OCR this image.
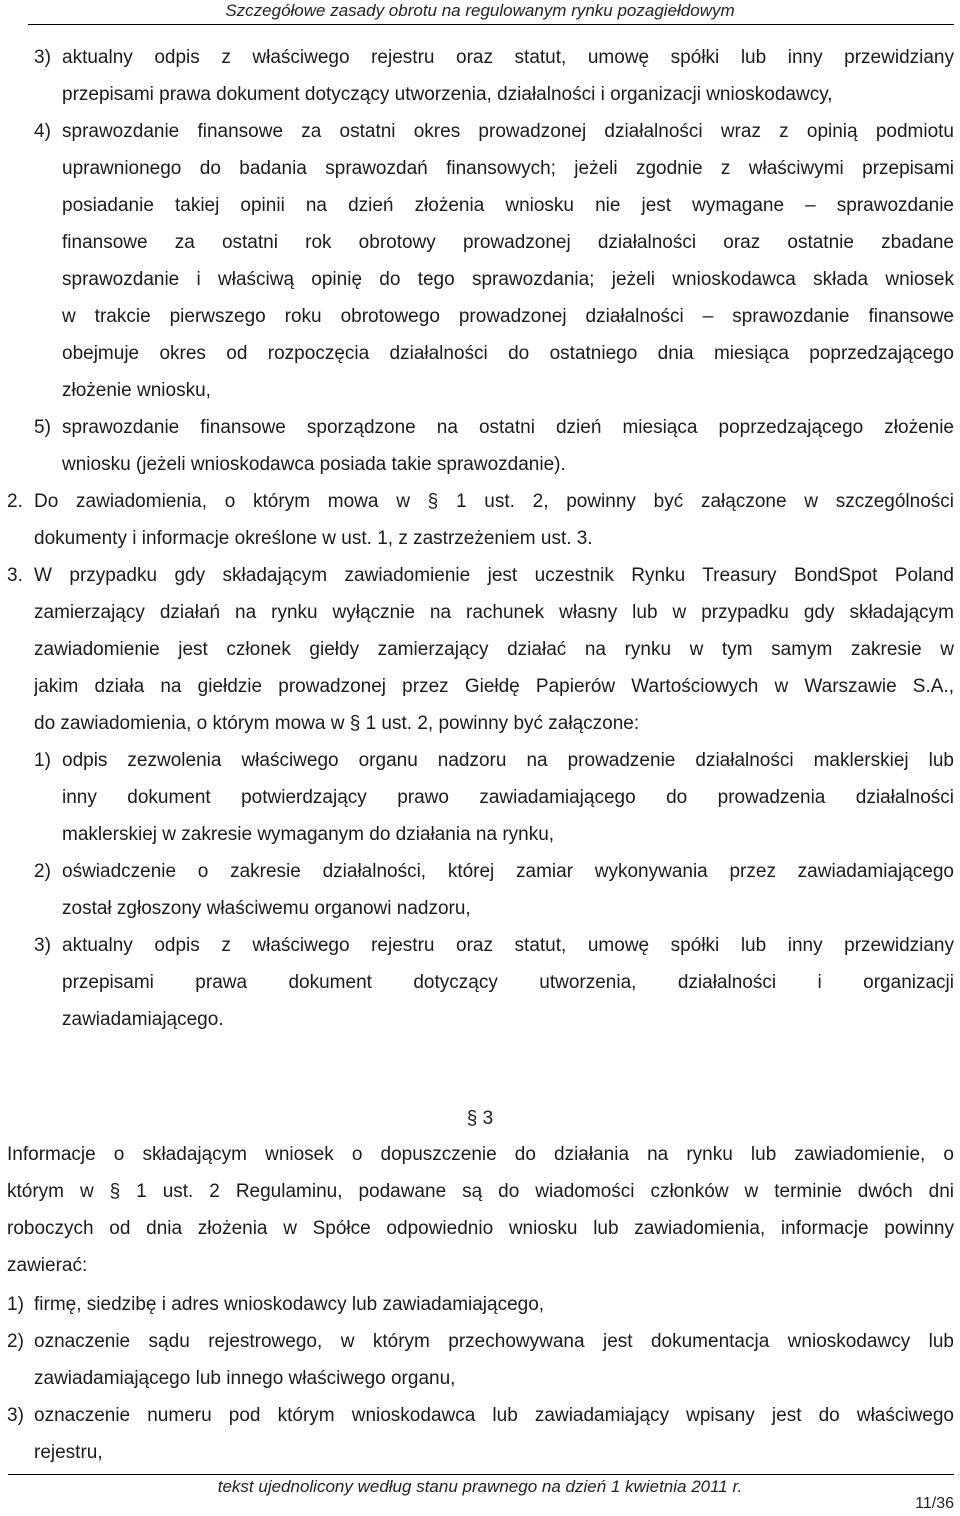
Szczegółowe zasady obrotu na regulowanym rynku pozagiełdowym
3) aktualny odpis z właściwego rejestru oraz statut, umowę spółki lub inny przewidziany
przepisami prawa dokument dotyczący utworzenia, działalności i organizacji wnioskodawcy,
4) sprawozdanie finansowe za ostatni okres prowadzonej działalności wraz z opinią podmiotu
uprawnionego do badania sprawozdań finansowych; jeżeli zgodnie z właściwymi przepisami
posiadanie takiej opinii na dzień złożenia wniosku nie jest wymagane – sprawozdanie
finansowe za ostatni rok obrotowy prowadzonej działalności oraz ostatnie zbadane
sprawozdanie i właściwą opinię do tego sprawozdania; jeżeli wnioskodawca składa wniosek
w trakcie pierwszego roku obrotowego prowadzonej działalności – sprawozdanie finansowe
obejmuje okres od rozpoczęcia działalności do ostatniego dnia miesiąca poprzedzającego
złożenie wniosku,
5) sprawozdanie finansowe sporządzone na ostatni dzień miesiąca poprzedzającego złożenie
wniosku (jeżeli wnioskodawca posiada takie sprawozdanie).
2. Do zawiadomienia, o którym mowa w § 1 ust. 2, powinny być załączone w szczególności
dokumenty i informacje określone w ust. 1, z zastrzeżeniem ust. 3.
3. W przypadku gdy składającym zawiadomienie jest uczestnik Rynku Treasury BondSpot Poland
zamierzający działań na rynku wyłącznie na rachunek własny lub w przypadku gdy składającym
zawiadomienie jest członek giełdy zamierzający działać na rynku w tym samym zakresie w
jakim działa na giełdzie prowadzonej przez Giełdę Papierów Wartościowych w Warszawie S.A.,
do zawiadomienia, o którym mowa w § 1 ust. 2, powinny być załączone:
1) odpis zezwolenia właściwego organu nadzoru na prowadzenie działalności maklerskiej lub
inny dokument potwierdzający prawo zawiadamiającego do prowadzenia działalności
maklerskiej w zakresie wymaganym do działania na rynku,
2) oświadczenie o zakresie działalności, której zamiar wykonywania przez zawiadamiającego
został zgłoszony właściwemu organowi nadzoru,
3) aktualny odpis z właściwego rejestru oraz statut, umowę spółki lub inny przewidziany
przepisami prawa dokument dotyczący utworzenia, działalności i organizacji
zawiadamiającego.
§ 3
Informacje o składającym wniosek o dopuszczenie do działania na rynku lub zawiadomienie, o
którym w § 1 ust. 2 Regulaminu, podawane są do wiadomości członków w terminie dwóch dni
roboczych od dnia złożenia w Spółce odpowiednio wniosku lub zawiadomienia, informacje powinny
zawierać:
1) firmę, siedzibę i adres wnioskodawcy lub zawiadamiającego,
2) oznaczenie sądu rejestrowego, w którym przechowywana jest dokumentacja wnioskodawcy lub
zawiadamiającego lub innego właściwego organu,
3) oznaczenie numeru pod którym wnioskodawca lub zawiadamiający wpisany jest do właściwego
rejestru,
tekst ujednolicony według stanu prawnego na dzień 1 kwietnia 2011 r.
11/36
